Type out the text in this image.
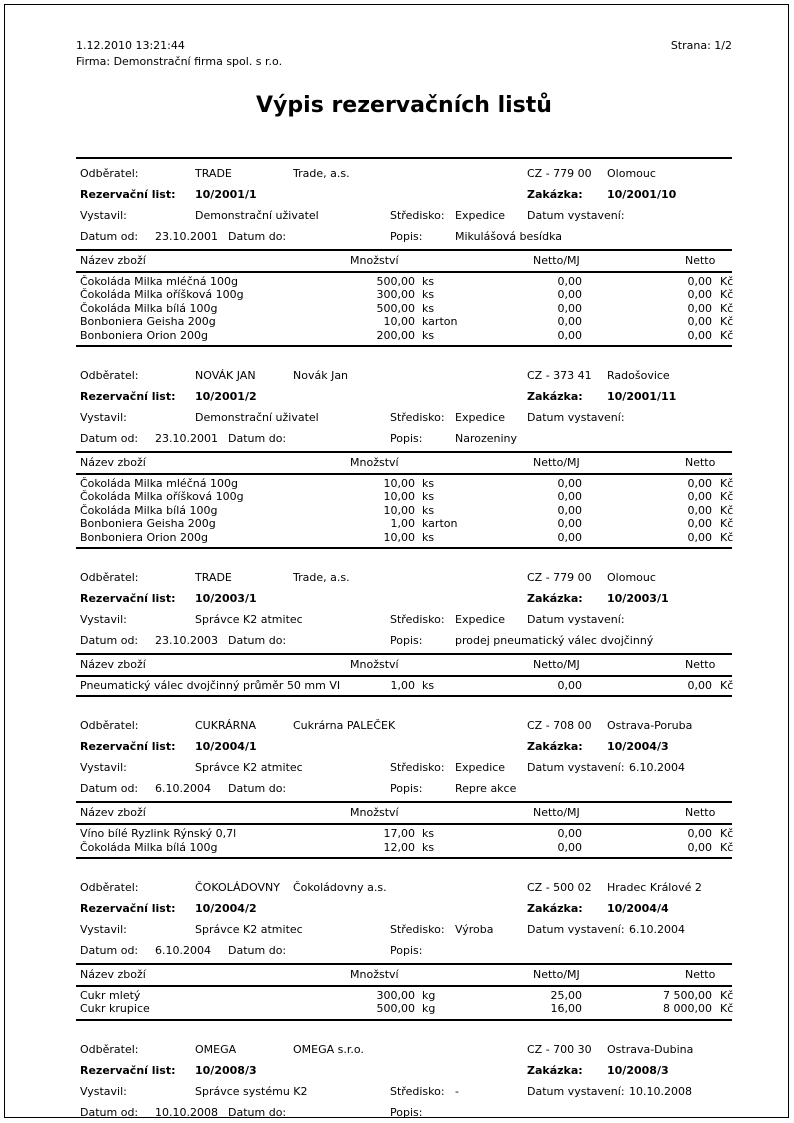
1.12.2010 13:21:44
Firma: Demonstrační firma spol. s r.o.
Strana: 1/2
Výpis rezervačních listů
Odběratel:	TRADE	Trade, a.s.	CZ - 779 00 Olomouc
Rezervační list: 10/2001/1	Zakázka: 10/2001/10
Vystavil:	Demonstrační uživatel	Středisko: Expedice Datum vystavení:
Datum od: 23.10.2001 Datum do:	Popis:	Mikulášová besídka
Název zboží	Množství	Netto/MJ	Netto
Čokoláda Milka mléčná 100g	500,00 ks	0,00	0,00 Kč
Čokoláda Milka oříšková 100g	300,00 ks	0,00	0,00 Kč
Čokoláda Milka bílá 100g	500,00 ks	0,00	0,00 Kč
Bonboniera Geisha 200g	10,00 karton	0,00	0,00 Kč
Bonboniera Orion 200g	200,00 ks	0,00	0,00 Kč
Odběratel:	NOVÁK JAN	Novák Jan	CZ - 373 41 Radošovice
Rezervační list: 10/2001/2	Zakázka: 10/2001/11
Vystavil:	Demonstrační uživatel	Středisko: Expedice Datum vystavení:
Datum od: 23.10.2001 Datum do:	Popis:	Narozeniny
Název zboží	Množství	Netto/MJ	Netto
Čokoláda Milka mléčná 100g	10,00 ks	0,00	0,00 Kč
Čokoláda Milka oříšková 100g	10,00 ks	0,00	0,00 Kč
Čokoláda Milka bílá 100g	10,00 ks	0,00	0,00 Kč
Bonboniera Geisha 200g	1,00 karton	0,00	0,00 Kč
Bonboniera Orion 200g	10,00 ks	0,00	0,00 Kč
Odběratel:	TRADE	Trade, a.s.	CZ - 779 00 Olomouc
Rezervační list: 10/2003/1	Zakázka: 10/2003/1
Vystavil:	Správce K2 atmitec	Středisko: Expedice Datum vystavení:
Datum od: 23.10.2003 Datum do:	Popis:	prodej pneumatický válec dvojčinný
Název zboží	Množství	Netto/MJ	Netto
Pneumatický válec dvojčinný průměr 50 mm VI	1,00 ks	0,00	0,00 Kč
Odběratel:	CUKRÁRNA	Cukrárna PALEČEK	CZ - 708 00 Ostrava-Poruba
Rezervační list: 10/2004/1	Zakázka: 10/2004/3
Vystavil:	Správce K2 atmitec	Středisko: Expedice Datum vystavení: 6.10.2004
Datum od: 6.10.2004	Datum do:	Popis:	Repre akce
Název zboží	Množství	Netto/MJ	Netto
Víno bílé Ryzlink Rýnský 0,7l	17,00 ks	0,00	0,00 Kč
Čokoláda Milka bílá 100g	12,00 ks	0,00	0,00 Kč
Odběratel:	ČOKOLÁDOVNY Čokoládovny a.s.	CZ - 500 02 Hradec Králové 2
Rezervační list: 10/2004/2	Zakázka: 10/2004/4
Vystavil:	Správce K2 atmitec	Středisko: Výroba	Datum vystavení: 6.10.2004
Datum od: 6.10.2004	Datum do:	Popis:
Název zboží	Množství	Netto/MJ	Netto
Cukr mletý	300,00 kg	25,00	7 500,00 Kč
Cukr krupice	500,00 kg	16,00	8 000,00 Kč
Odběratel:	OMEGA	OMEGA s.r.o.	CZ - 700 30 Ostrava-Dubina
Rezervační list: 10/2008/3	Zakázka: 10/2008/3
Vystavil:	Správce systému K2	Středisko: -	Datum vystavení: 10.10.2008
Datum od: 10.10.2008 Datum do:	Popis:
